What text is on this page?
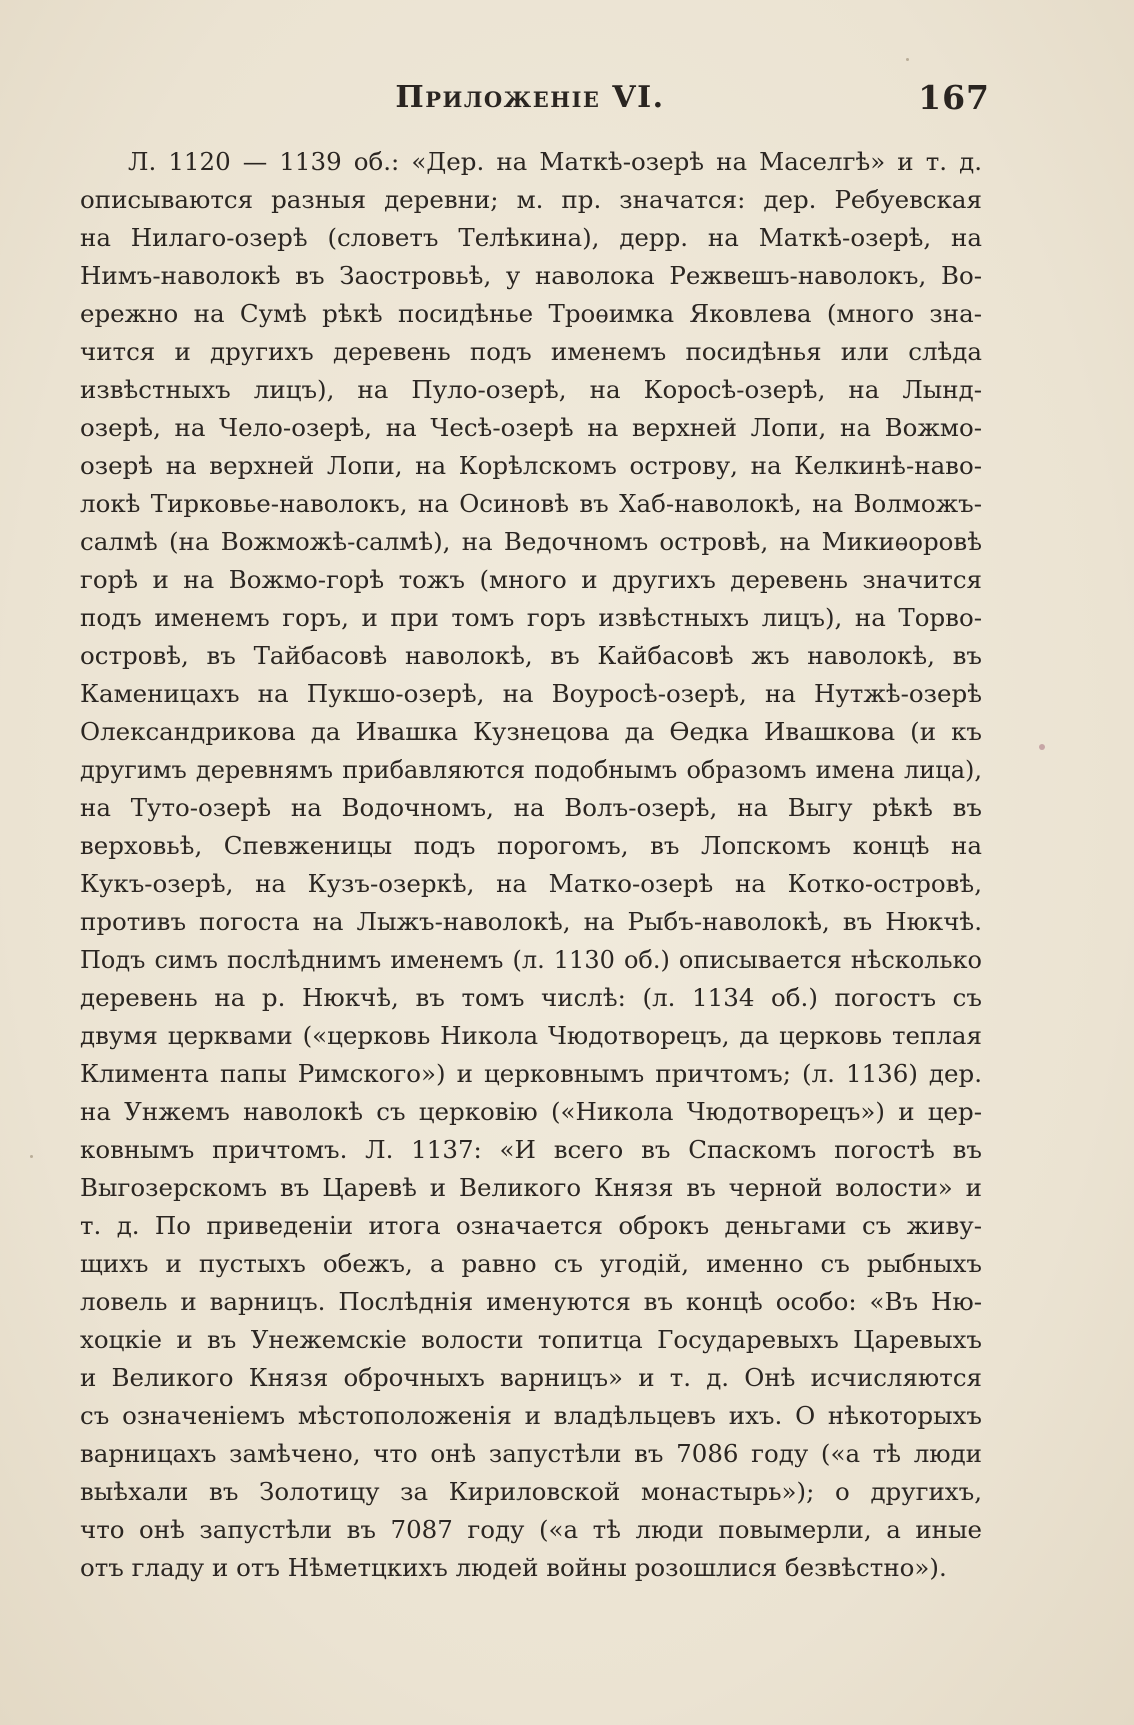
Приложеніе VI.	167
Л. 1120 — 1139 об.: «Дер. на Маткѣ-озерѣ на Маселгѣ» и т. д.
описываются разныя деревни; м. пр. значатся: дер. Ребуевская
на Нилаго-озерѣ (словетъ Телѣкина), дерр. на Маткѣ-озерѣ, на
Нимъ-наволокѣ въ Заостровьѣ, у наволока Режвешъ-наволокъ, Во-
ережно на Сумѣ рѣкѣ посидѣнье Троѳимка Яковлева (много зна-
чится и другихъ деревень подъ именемъ посидѣнья или слѣда
извѣстныхъ лицъ), на Пуло-озерѣ, на Коросѣ-озерѣ, на Лынд-
озерѣ, на Чело-озерѣ, на Чесѣ-озерѣ на верхней Лопи, на Вожмо-
озерѣ на верхней Лопи, на Корѣлскомъ острову, на Келкинѣ-наво-
локѣ Тирковье-наволокъ, на Осиновѣ въ Хаб-наволокѣ, на Волможъ-
салмѣ (на Вожможѣ-салмѣ), на Ведочномъ островѣ, на Микиѳоровѣ
горѣ и на Вожмо-горѣ тожъ (много и другихъ деревень значится
подъ именемъ горъ, и при томъ горъ извѣстныхъ лицъ), на Торво-
островѣ, въ Тайбасовѣ наволокѣ, въ Кайбасовѣ жъ наволокѣ, въ
Каменицахъ на Пукшо-озерѣ, на Воуросѣ-озерѣ, на Нутжѣ-озерѣ
Олександрикова да Ивашка Кузнецова да Ѳедка Ивашкова (и къ
другимъ деревнямъ прибавляются подобнымъ образомъ имена лица),
на Туто-озерѣ на Водочномъ, на Волъ-озерѣ, на Выгу рѣкѣ въ
верховьѣ, Спевженицы подъ порогомъ, въ Лопскомъ концѣ на
Кукъ-озерѣ, на Кузъ-озеркѣ, на Матко-озерѣ на Котко-островѣ,
противъ погоста на Лыжъ-наволокѣ, на Рыбъ-наволокѣ, въ Нюкчѣ.
Подъ симъ послѣднимъ именемъ (л. 1130 об.) описывается нѣсколько
деревень на р. Нюкчѣ, въ томъ числѣ: (л. 1134 об.) погостъ съ
двумя церквами («церковь Никола Чюдотворецъ, да церковь теплая
Климента папы Римского») и церковнымъ причтомъ; (л. 1136) дер.
на Унжемъ наволокѣ съ церковію («Никола Чюдотворецъ») и цер-
ковнымъ причтомъ. Л. 1137: «И всего въ Спаскомъ погостѣ въ
Выгозерскомъ въ Царевѣ и Великого Князя въ черной волости» и
т. д. По приведеніи итога означается оброкъ деньгами съ живу-
щихъ и пустыхъ обежъ, а равно съ угодій, именно съ рыбныхъ
ловель и варницъ. Послѣднія именуются въ концѣ особо: «Въ Ню-
хоцкіе и въ Унежемскіе волости топитца Государевыхъ Царевыхъ
и Великого Князя оброчныхъ варницъ» и т. д. Онѣ исчисляются
съ означеніемъ мѣстоположенія и владѣльцевъ ихъ. О нѣкоторыхъ
варницахъ замѣчено, что онѣ запустѣли въ 7086 году («а тѣ люди
выѣхали въ Золотицу за Кириловской монастырь»); о другихъ,
что онѣ запустѣли въ 7087 году («а тѣ люди повымерли, а иные
отъ гладу и отъ Нѣметцкихъ людей войны розошлися безвѣстно»).
